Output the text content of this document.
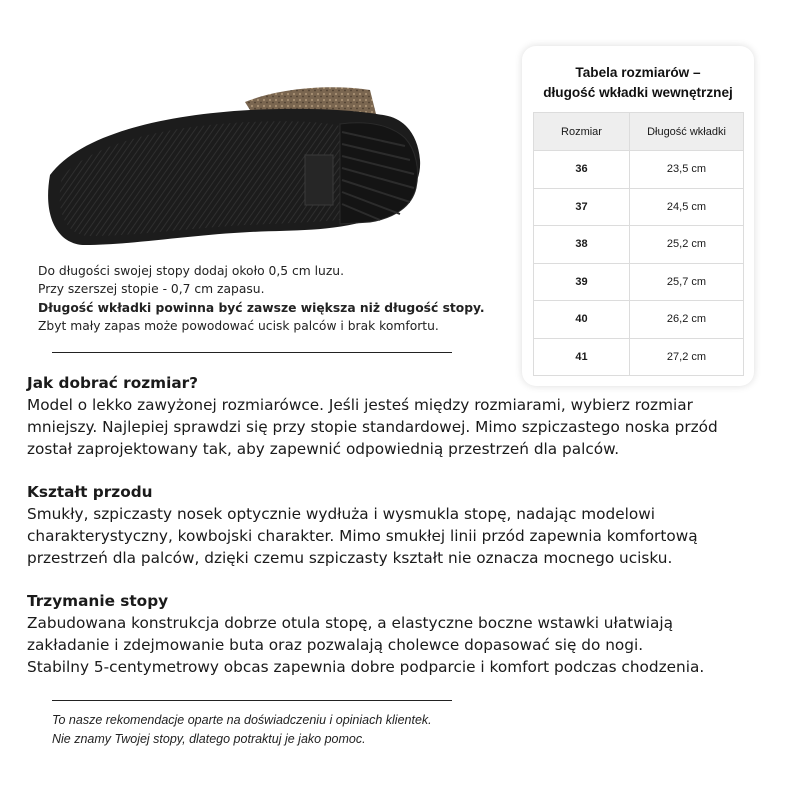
Do długości swojej stopy dodaj około 0,5 cm luzu.
Przy szerszej stopie - 0,7 cm zapasu.
Długość wkładki powinna być zawsze większa niż długość stopy.
Zbyt mały zapas może powodować ucisk palców i brak komfortu.
Tabela rozmiarów –
długość wkładki wewnętrznej
Rozmiar	Długość wkładki
36	23,5 cm
37	24,5 cm
38	25,2 cm
39	25,7 cm
40	26,2 cm
41	27,2 cm
Jak dobrać rozmiar?

Model o lekko zawyżonej rozmiarówce. Jeśli jesteś między rozmiarami, wybierz rozmiar

mniejszy. Najlepiej sprawdzi się przy stopie standardowej. Mimo szpiczastego noska przód

został zaprojektowany tak, aby zapewnić odpowiednią przestrzeń dla palców.

Kształt przodu

Smukły, szpiczasty nosek optycznie wydłuża i wysmukla stopę, nadając modelowi

charakterystyczny, kowbojski charakter. Mimo smukłej linii przód zapewnia komfortową

przestrzeń dla palców, dzięki czemu szpiczasty kształt nie oznacza mocnego ucisku.

Trzymanie stopy

Zabudowana konstrukcja dobrze otula stopę, a elastyczne boczne wstawki ułatwiają

zakładanie i zdejmowanie buta oraz pozwalają cholewce dopasować się do nogi.

Stabilny 5-centymetrowy obcas zapewnia dobre podparcie i komfort podczas chodzenia.

To nasze rekomendacje oparte na doświadczeniu i opiniach klientek.
Nie znamy Twojej stopy, dlatego potraktuj je jako pomoc.
